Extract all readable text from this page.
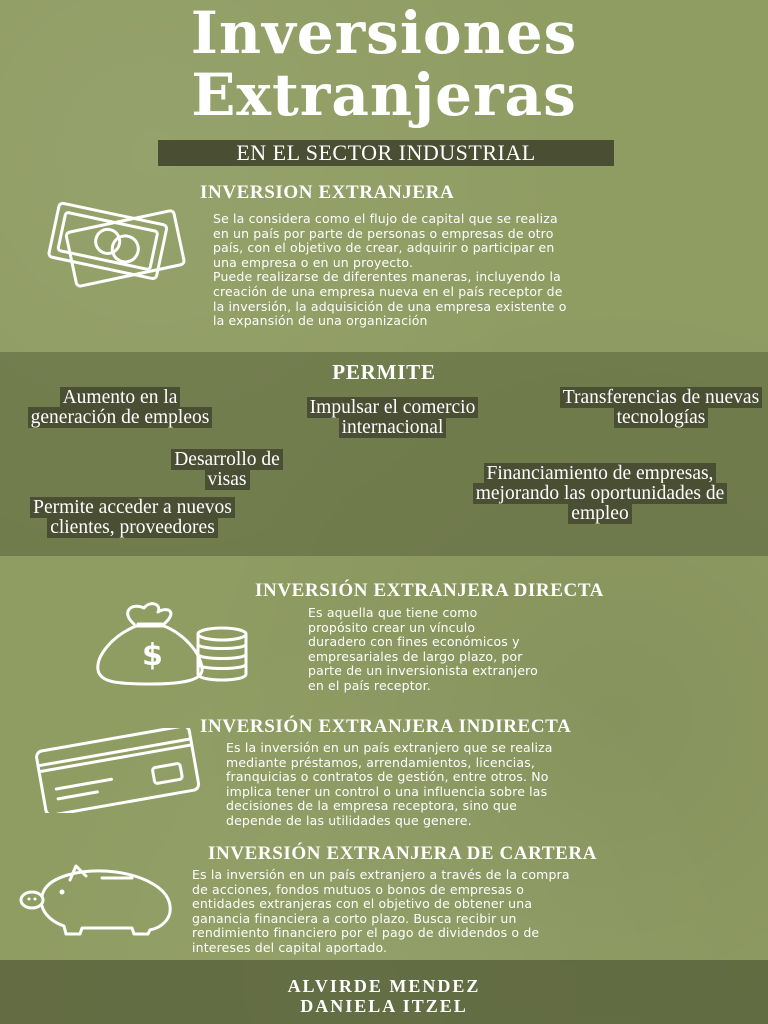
Inversiones
Extranjeras
EN EL SECTOR INDUSTRIAL
INVERSION EXTRANJERA

Se la considera como el flujo de capital que se realiza

en un país por parte de personas o empresas de otro

país, con el objetivo de crear, adquirir o participar en

una empresa o en un proyecto.

Puede realizarse de diferentes maneras, incluyendo la

creación de una empresa nueva en el país receptor de

la inversión, la adquisición de una empresa existente o

la expansión de una organización

PERMITE
Aumento en la generación de empleos	Impulsar el comercio internacional
Transferencias de nuevas tecnologías
Desarrollo de visas	Financiamiento de empresas, mejorando las oportunidades de empleo
Permite acceder a nuevos clientes, proveedores
$
INVERSIÓN EXTRANJERA DIRECTA

Es aquella que tiene como

propósito crear un vínculo

duradero con fines económicos y

empresariales de largo plazo, por

parte de un inversionista extranjero

en el país receptor.

INVERSIÓN EXTRANJERA INDIRECTA

Es la inversión en un país extranjero que se realiza

mediante préstamos, arrendamientos, licencias,

franquicias o contratos de gestión, entre otros. No

implica tener un control o una influencia sobre las

decisiones de la empresa receptora, sino que

depende de las utilidades que genere.

INVERSIÓN EXTRANJERA DE CARTERA

Es la inversión en un país extranjero a través de la compra

de acciones, fondos mutuos o bonos de empresas o

entidades extranjeras con el objetivo de obtener una

ganancia financiera a corto plazo. Busca recibir un

rendimiento financiero por el pago de dividendos o de

intereses del capital aportado.

ALVIRDE MENDEZ
DANIELA ITZEL
